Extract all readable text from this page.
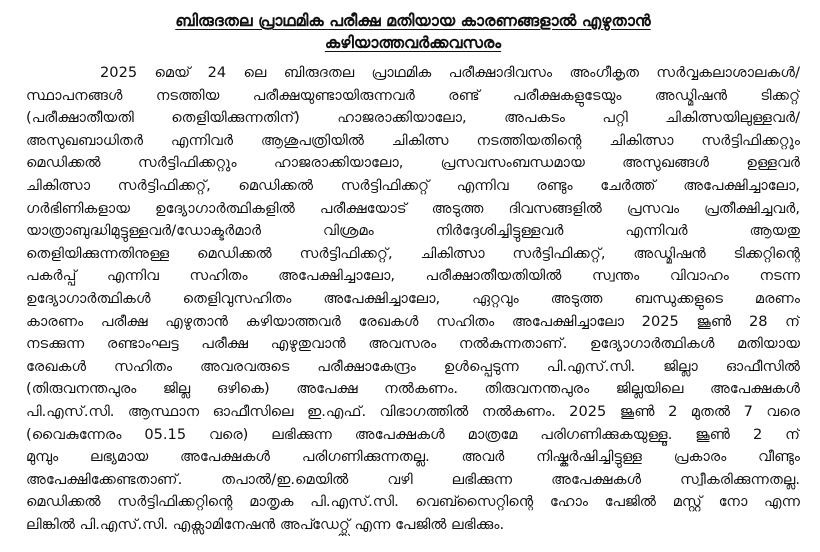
ബിരുദതല പ്രാഥമിക പരീക്ഷ മതിയായ കാരണങ്ങളാൽ എഴുതാൻ
കഴിയാത്തവർക്കവസരം
2025 മെയ് 24 ലെ ബിരുദതല പ്രാഥമിക പരീക്ഷാദിവസം അംഗീകൃത സർവ്വകലാശാലകൾ/
സ്ഥാപനങ്ങൾ നടത്തിയ പരീക്ഷയുണ്ടായിരുന്നവർ രണ്ട് പരീക്ഷകളുടേയും അഡ്മിഷൻ ടിക്കറ്റ്
(പരീക്ഷാതീയതി തെളിയിക്കുന്നതിന്) ഹാജരാക്കിയാലോ, അപകടം പറ്റി ചികിത്സയിലുള്ളവർ/
അസുഖബാധിതർ എന്നിവർ ആശുപത്രിയിൽ ചികിത്സ നടത്തിയതിന്റെ ചികിത്സാ സർട്ടിഫിക്കറ്റും
മെഡിക്കൽ സർട്ടിഫിക്കറ്റും ഹാജരാക്കിയാലോ, പ്രസവസംബന്ധമായ അസുഖങ്ങൾ ഉള്ളവർ
ചികിത്സാ സർട്ടിഫിക്കറ്റ്, മെഡിക്കൽ സർട്ടിഫിക്കറ്റ് എന്നിവ രണ്ടും ചേർത്ത് അപേക്ഷിച്ചാലോ,
ഗർഭിണികളായ ഉദ്യോഗാർത്ഥികളിൽ പരീക്ഷയോട് അടുത്ത ദിവസങ്ങളിൽ പ്രസവം പ്രതീക്ഷിച്ചവർ,
യാത്രാബുദ്ധിമുട്ടുള്ളവർ/ഡോക്ടർമാർ വിശ്രമം നിർദ്ദേശിച്ചിട്ടുള്ളവർ എന്നിവർ ആയതു
തെളിയിക്കുന്നതിനുള്ള മെഡിക്കൽ സർട്ടിഫിക്കറ്റ്, ചികിത്സാ സർട്ടിഫിക്കറ്റ്, അഡ്മിഷൻ ടിക്കറ്റിന്റെ
പകർപ്പ് എന്നിവ സഹിതം അപേക്ഷിച്ചാലോ, പരീക്ഷാതീയതിയിൽ സ്വന്തം വിവാഹം നടന്ന
ഉദ്യോഗാർത്ഥികൾ തെളിവുസഹിതം അപേക്ഷിച്ചാലോ, ഏറ്റവും അടുത്ത ബന്ധുക്കളുടെ മരണം
കാരണം പരീക്ഷ എഴുതാൻ കഴിയാത്തവർ രേഖകൾ സഹിതം അപേക്ഷിച്ചാലോ 2025 ജൂൺ 28 ന്
നടക്കുന്ന രണ്ടാംഘട്ട പരീക്ഷ എഴുതുവാൻ അവസരം നൽകുന്നതാണ്. ഉദ്യോഗാർത്ഥികൾ മതിയായ
രേഖകൾ സഹിതം അവരവരുടെ പരീക്ഷാകേന്ദ്രം ഉൾപ്പെടുന്ന പി.എസ്.സി. ജില്ലാ ഓഫീസിൽ
(തിരുവനന്തപുരം ജില്ല ഒഴികെ) അപേക്ഷ നൽകണം. തിരുവനന്തപുരം ജില്ലയിലെ അപേക്ഷകൾ
പി.എസ്.സി. ആസ്ഥാന ഓഫീസിലെ ഇ.എഫ്. വിഭാഗത്തിൽ നൽകണം. 2025 ജൂൺ 2 മുതൽ 7 വരെ
(വൈകുന്നേരം 05.15 വരെ) ലഭിക്കുന്ന അപേക്ഷകൾ മാത്രമേ പരിഗണിക്കുകയുള്ളൂ. ജൂൺ 2 ന്
മുമ്പും ലഭ്യമായ അപേക്ഷകൾ പരിഗണിക്കുന്നതല്ല. അവർ നിഷ്കർഷിച്ചിട്ടുള്ള പ്രകാരം വീണ്ടും
അപേക്ഷിക്കേണ്ടതാണ്. തപാൽ/ഇ.മെയിൽ വഴി ലഭിക്കുന്ന അപേക്ഷകൾ സ്വീകരിക്കുന്നതല്ല.
മെഡിക്കൽ സർട്ടിഫിക്കറ്റിന്റെ മാതൃക പി.എസ്.സി. വെബ്സൈറ്റിന്റെ ഹോം പേജിൽ മസ്റ്റ് നോ എന്ന
ലിങ്കിൽ പി.എസ്.സി. എക്സാമിനേഷൻ അപ്ഡേറ്റ്സ് എന്ന പേജിൽ ലഭിക്കും.
